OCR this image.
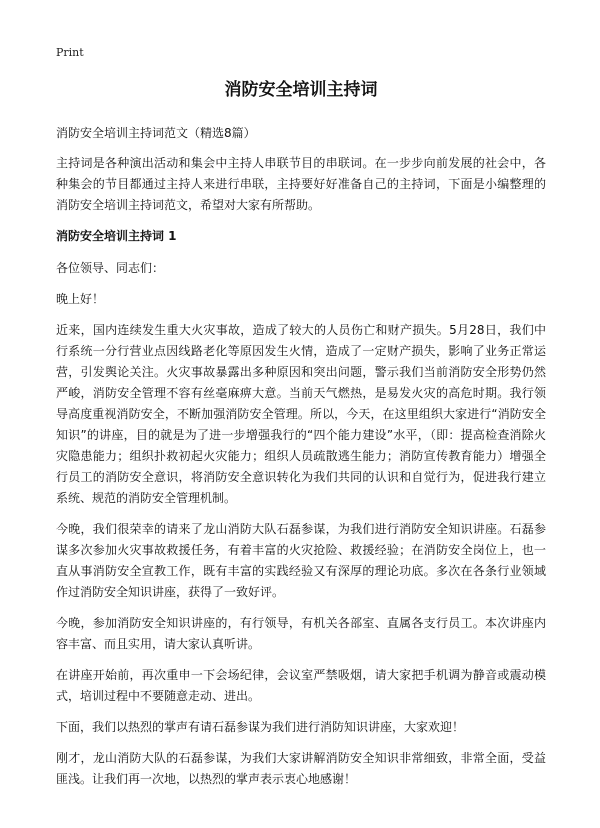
Print
消防安全培训主持词
消防安全培训主持词范文（精选8篇）

主持词是各种演出活动和集会中主持人串联节目的串联词。在一步步向前发展的社会中，各种集会的节目都通过主持人来进行串联，主持要好好准备自己的主持词，下面是小编整理的消防安全培训主持词范文，希望对大家有所帮助。

消防安全培训主持词 1

各位领导、同志们：

晚上好！

近来，国内连续发生重大火灾事故，造成了较大的人员伤亡和财产损失。5月28日，我们中行系统一分行营业点因线路老化等原因发生火情，造成了一定财产损失，影响了业务正常运营，引发舆论关注。火灾事故暴露出多种原因和突出问题，警示我们当前消防安全形势仍然严峻，消防安全管理不容有丝毫麻痹大意。当前天气燃热，是易发火灾的高危时期。我行领导高度重视消防安全，不断加强消防安全管理。所以，今天，在这里组织大家进行“消防安全知识”的讲座，目的就是为了进一步增强我行的“四个能力建设”水平，（即：提高检查消除火灾隐患能力；组织扑救初起火灾能力；组织人员疏散逃生能力；消防宣传教育能力）增强全行员工的消防安全意识，将消防安全意识转化为我们共同的认识和自觉行为，促进我行建立系统、规范的消防安全管理机制。

今晚，我们很荣幸的请来了龙山消防大队石磊参谋，为我们进行消防安全知识讲座。石磊参谋多次参加火灾事故救援任务，有着丰富的火灾抢险、救援经验；在消防安全岗位上，也一直从事消防安全宣教工作，既有丰富的实践经验又有深厚的理论功底。多次在各条行业领域作过消防安全知识讲座，获得了一致好评。

今晚，参加消防安全知识讲座的，有行领导，有机关各部室、直属各支行员工。本次讲座内容丰富、而且实用，请大家认真听讲。

在讲座开始前，再次重申一下会场纪律，会议室严禁吸烟，请大家把手机调为静音或震动模式，培训过程中不要随意走动、进出。

下面，我们以热烈的掌声有请石磊参谋为我们进行消防知识讲座，大家欢迎！

刚才，龙山消防大队的石磊参谋，为我们大家讲解消防安全知识非常细致，非常全面，受益匪浅。让我们再一次地，以热烈的掌声表示衷心地感谢！
